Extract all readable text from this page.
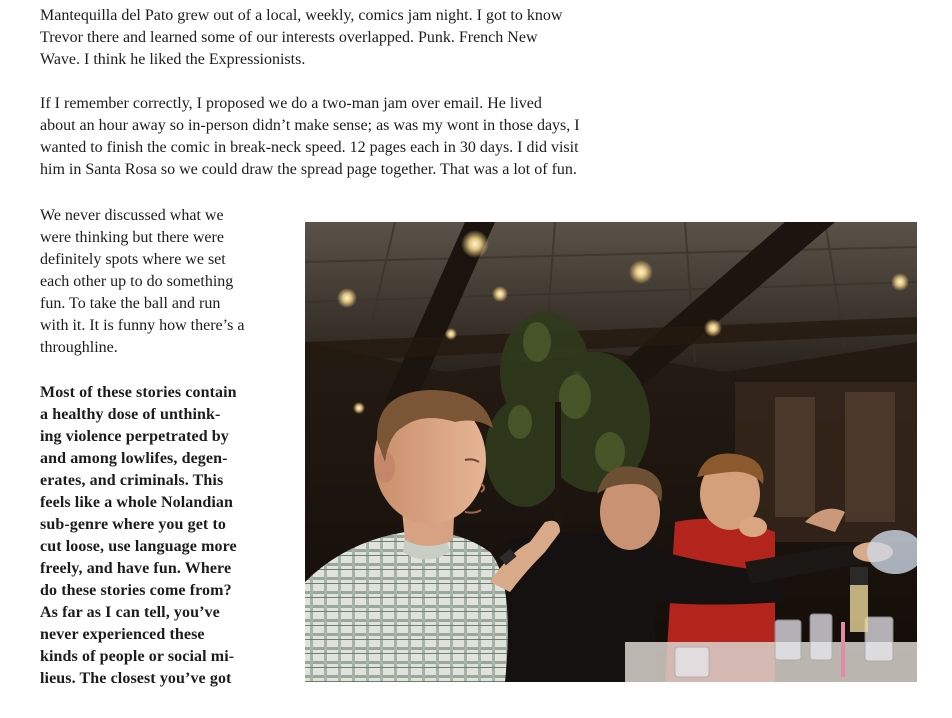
Mantequilla del Pato grew out of a local, weekly, comics jam night. I got to know
Trevor there and learned some of our interests overlapped. Punk. French New
Wave. I think he liked the Expressionists.

If I remember correctly, I proposed we do a two-man jam over email. He lived
about an hour away so in-person didn’t make sense; as was my wont in those days, I
wanted to finish the comic in break-neck speed. 12 pages each in 30 days. I did visit
him in Santa Rosa so we could draw the spread page together. That was a lot of fun.

We never discussed what we
were thinking but there were
definitely spots where we set
each other up to do something
fun. To take the ball and run
with it. It is funny how there’s a
throughline.

Most of these stories contain
a healthy dose of unthink-
ing violence perpetrated by
and among lowlifes, degen-
erates, and criminals. This
feels like a whole Nolandian
sub-genre where you get to
cut loose, use language more
freely, and have fun. Where
do these stories come from?
As far as I can tell, you’ve
never experienced these
kinds of people or social mi-
lieus. The closest you’ve got
